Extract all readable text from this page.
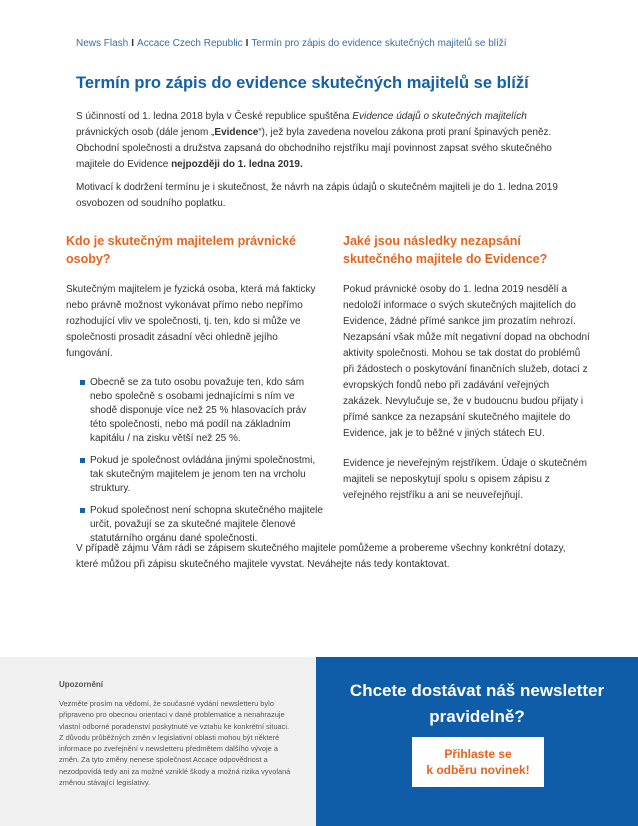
News Flash I Accace Czech Republic I Termín pro zápis do evidence skutečných majitelů se blíží
Termín pro zápis do evidence skutečných majitelů se blíží

S účinností od 1. ledna 2018 byla v České republice spuštěna Evidence údajů o skutečných majitelích právnických osob (dále jenom „Evidence“), jež byla zavedena novelou zákona proti praní špinavých peněz. Obchodní společnosti a družstva zapsaná do obchodního rejstříku mají povinnost zapsat svého skutečného majitele do Evidence nejpozději do 1. ledna 2019.

Motivací k dodržení termínu je i skutečnost, že návrh na zápis údajů o skutečném majiteli je do 1. ledna 2019 osvobozen od soudního poplatku.

Kdo je skutečným majitelem právnické osoby?

Skutečným majitelem je fyzická osoba, která má fakticky nebo právně možnost vykonávat přímo nebo nepřímo rozhodující vliv ve společnosti, tj. ten, kdo si může ve společnosti prosadit zásadní věci ohledně jejího fungování.

Obecně se za tuto osobu považuje ten, kdo sám nebo společně s osobami jednajícími s ním ve shodě disponuje více než 25 % hlasovacích práv této společnosti, nebo má podíl na základním kapitálu / na zisku větší než 25 %.
Pokud je společnost ovládána jinými společnostmi, tak skutečným majitelem je jenom ten na vrcholu struktury.
Pokud společnost není schopna skutečného majitele určit, považují se za skutečné majitele členové statutárního orgánu dané společnosti.
Jaké jsou následky nezapsání skutečného majitele do Evidence?

Pokud právnické osoby do 1. ledna 2019 nesdělí a nedoloží informace o svých skutečných majitelích do Evidence, žádné přímé sankce jim prozatím nehrozí. Nezapsání však může mít negativní dopad na obchodní aktivity společnosti. Mohou se tak dostat do problémů při žádostech o poskytování finančních služeb, dotací z evropských fondů nebo při zadávání veřejných zakázek. Nevylučuje se, že v budoucnu budou přijaty i přímé sankce za nezapsání skutečného majitele do Evidence, jak je to běžné v jiných státech EU.

Evidence je neveřejným rejstříkem. Údaje o skutečném majiteli se neposkytují spolu s opisem zápisu z veřejného rejstříku a ani se neuveřejňují.

V případě zájmu Vám rádi se zápisem skutečného majitele pomůžeme a probereme všechny konkrétní dotazy, které můžou při zápisu skutečného majitele vyvstat. Neváhejte nás tedy kontaktovat.

Upozornění

Vezměte prosím na vědomí, že současné vydání newsletteru bylo připraveno pro obecnou orientaci v dané problematice a nenahrazuje vlastní odborné poradenství poskytnuté ve vztahu ke konkrétní situaci. Z důvodu průběžných změn v legislativní oblasti mohou být některé informace po zveřejnění v newsletteru předmětem dalšího vývoje a změn. Za tyto změny nenese společnost Accace odpovědnost a nezodpovídá tedy ani za možné vzniklé škody a možná rizika vyvolaná změnou stávající legislativy.

Chcete dostávat náš newsletter pravidelně?
Přihlaste se
k odběru novinek!
